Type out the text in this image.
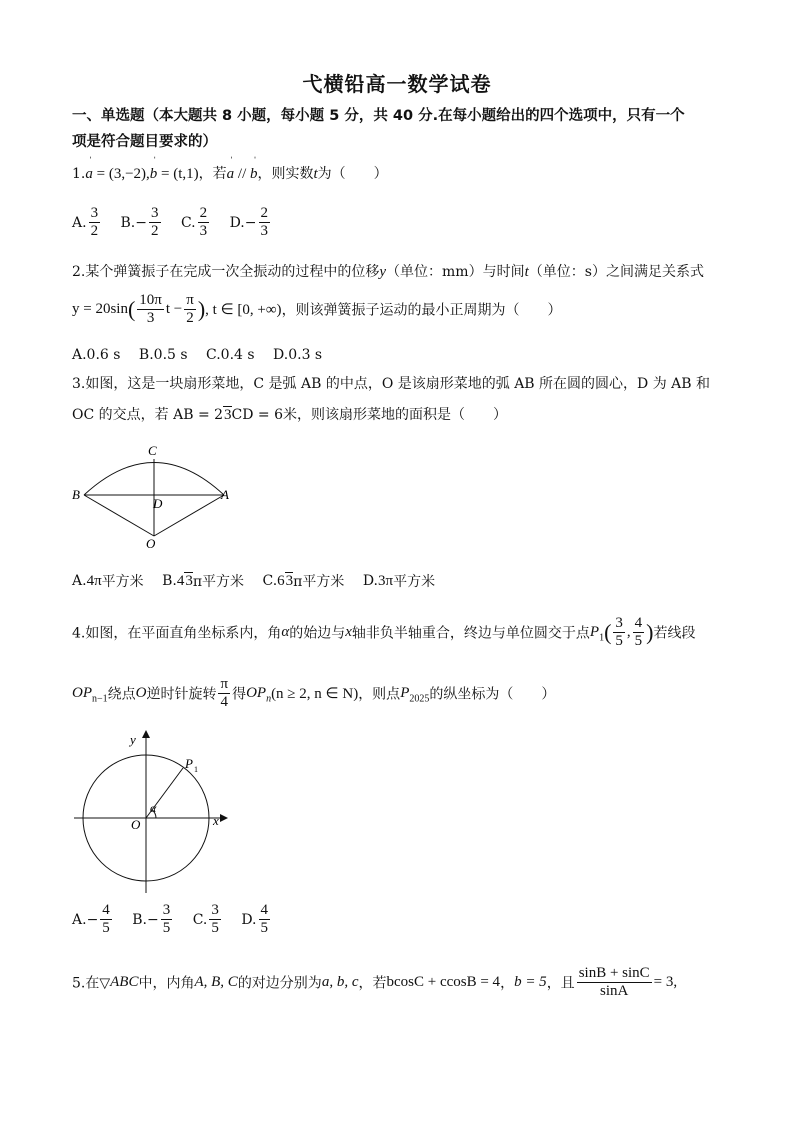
弋横铅高一数学试卷
一、单选题（本大题共 8 小题，每小题 5 分，共 40 分.在每小题给出的四个选项中，只有一个
项是符合题目要求的）
1.ˈ a = (3,−2),ˈ b = (t,1)，若ˈ a // ˈ b，则实数t为（　　）
A. $\frac{3}{2}$
B. − $\frac{3}{2}$
C. $\frac{2}{3}$
D. − $\frac{2}{3}$
2.某个弹簧振子在完成一次全振动的过程中的位移y（单位：mm）与时间t（单位：s）之间满足关系式
$y = 20\sin( \frac{10\pi}{3}$ $t - \frac{\pi}{2}$ ), t ∈ [0, +∞)，则该弹簧振子运动的最小正周期为（　　）
A.0.6 s B.0.5 s C.0.4 s D.0.3 s
3.如图，这是一块扇形菜地，C 是弧 AB 的中点，O 是该扇形菜地的弧 AB 所在圆的圆心，D 为 AB 和
OC 的交点，若 AB = 23CD = 6米，则该扇形菜地的面积是（　　）
C
B	A
D
O
A. 4π 平方米
B. 4 3 π平方米
C. 6 3 π平方米
D. 3π 平方米
4.如图，在平面直角坐标系内，角α的始边与x轴非负半轴重合，终边与单位圆交于点$P_1( \frac{3}{5}$ , $\frac{4}{5}$ )若线段
$OP_{n-1}$绕点O逆时针旋转 $\frac{\pi}{4}$ 得$OP_n(n \ge 2$, n ∈ N)，则点$P_{2025}$的纵坐标为（　　）
y
x
O
α
P 1
A. − $\frac{4}{5}$
B. − $\frac{3}{5}$
C. $\frac{3}{5}$
D. $\frac{4}{5}$
5.在▽ABC中，内角A, B, C的对边分别为a, b, c，若bcosC + ccosB = 4，b = 5，且 $\frac{\sin B + \sin C}{\sin A} = 3$,
